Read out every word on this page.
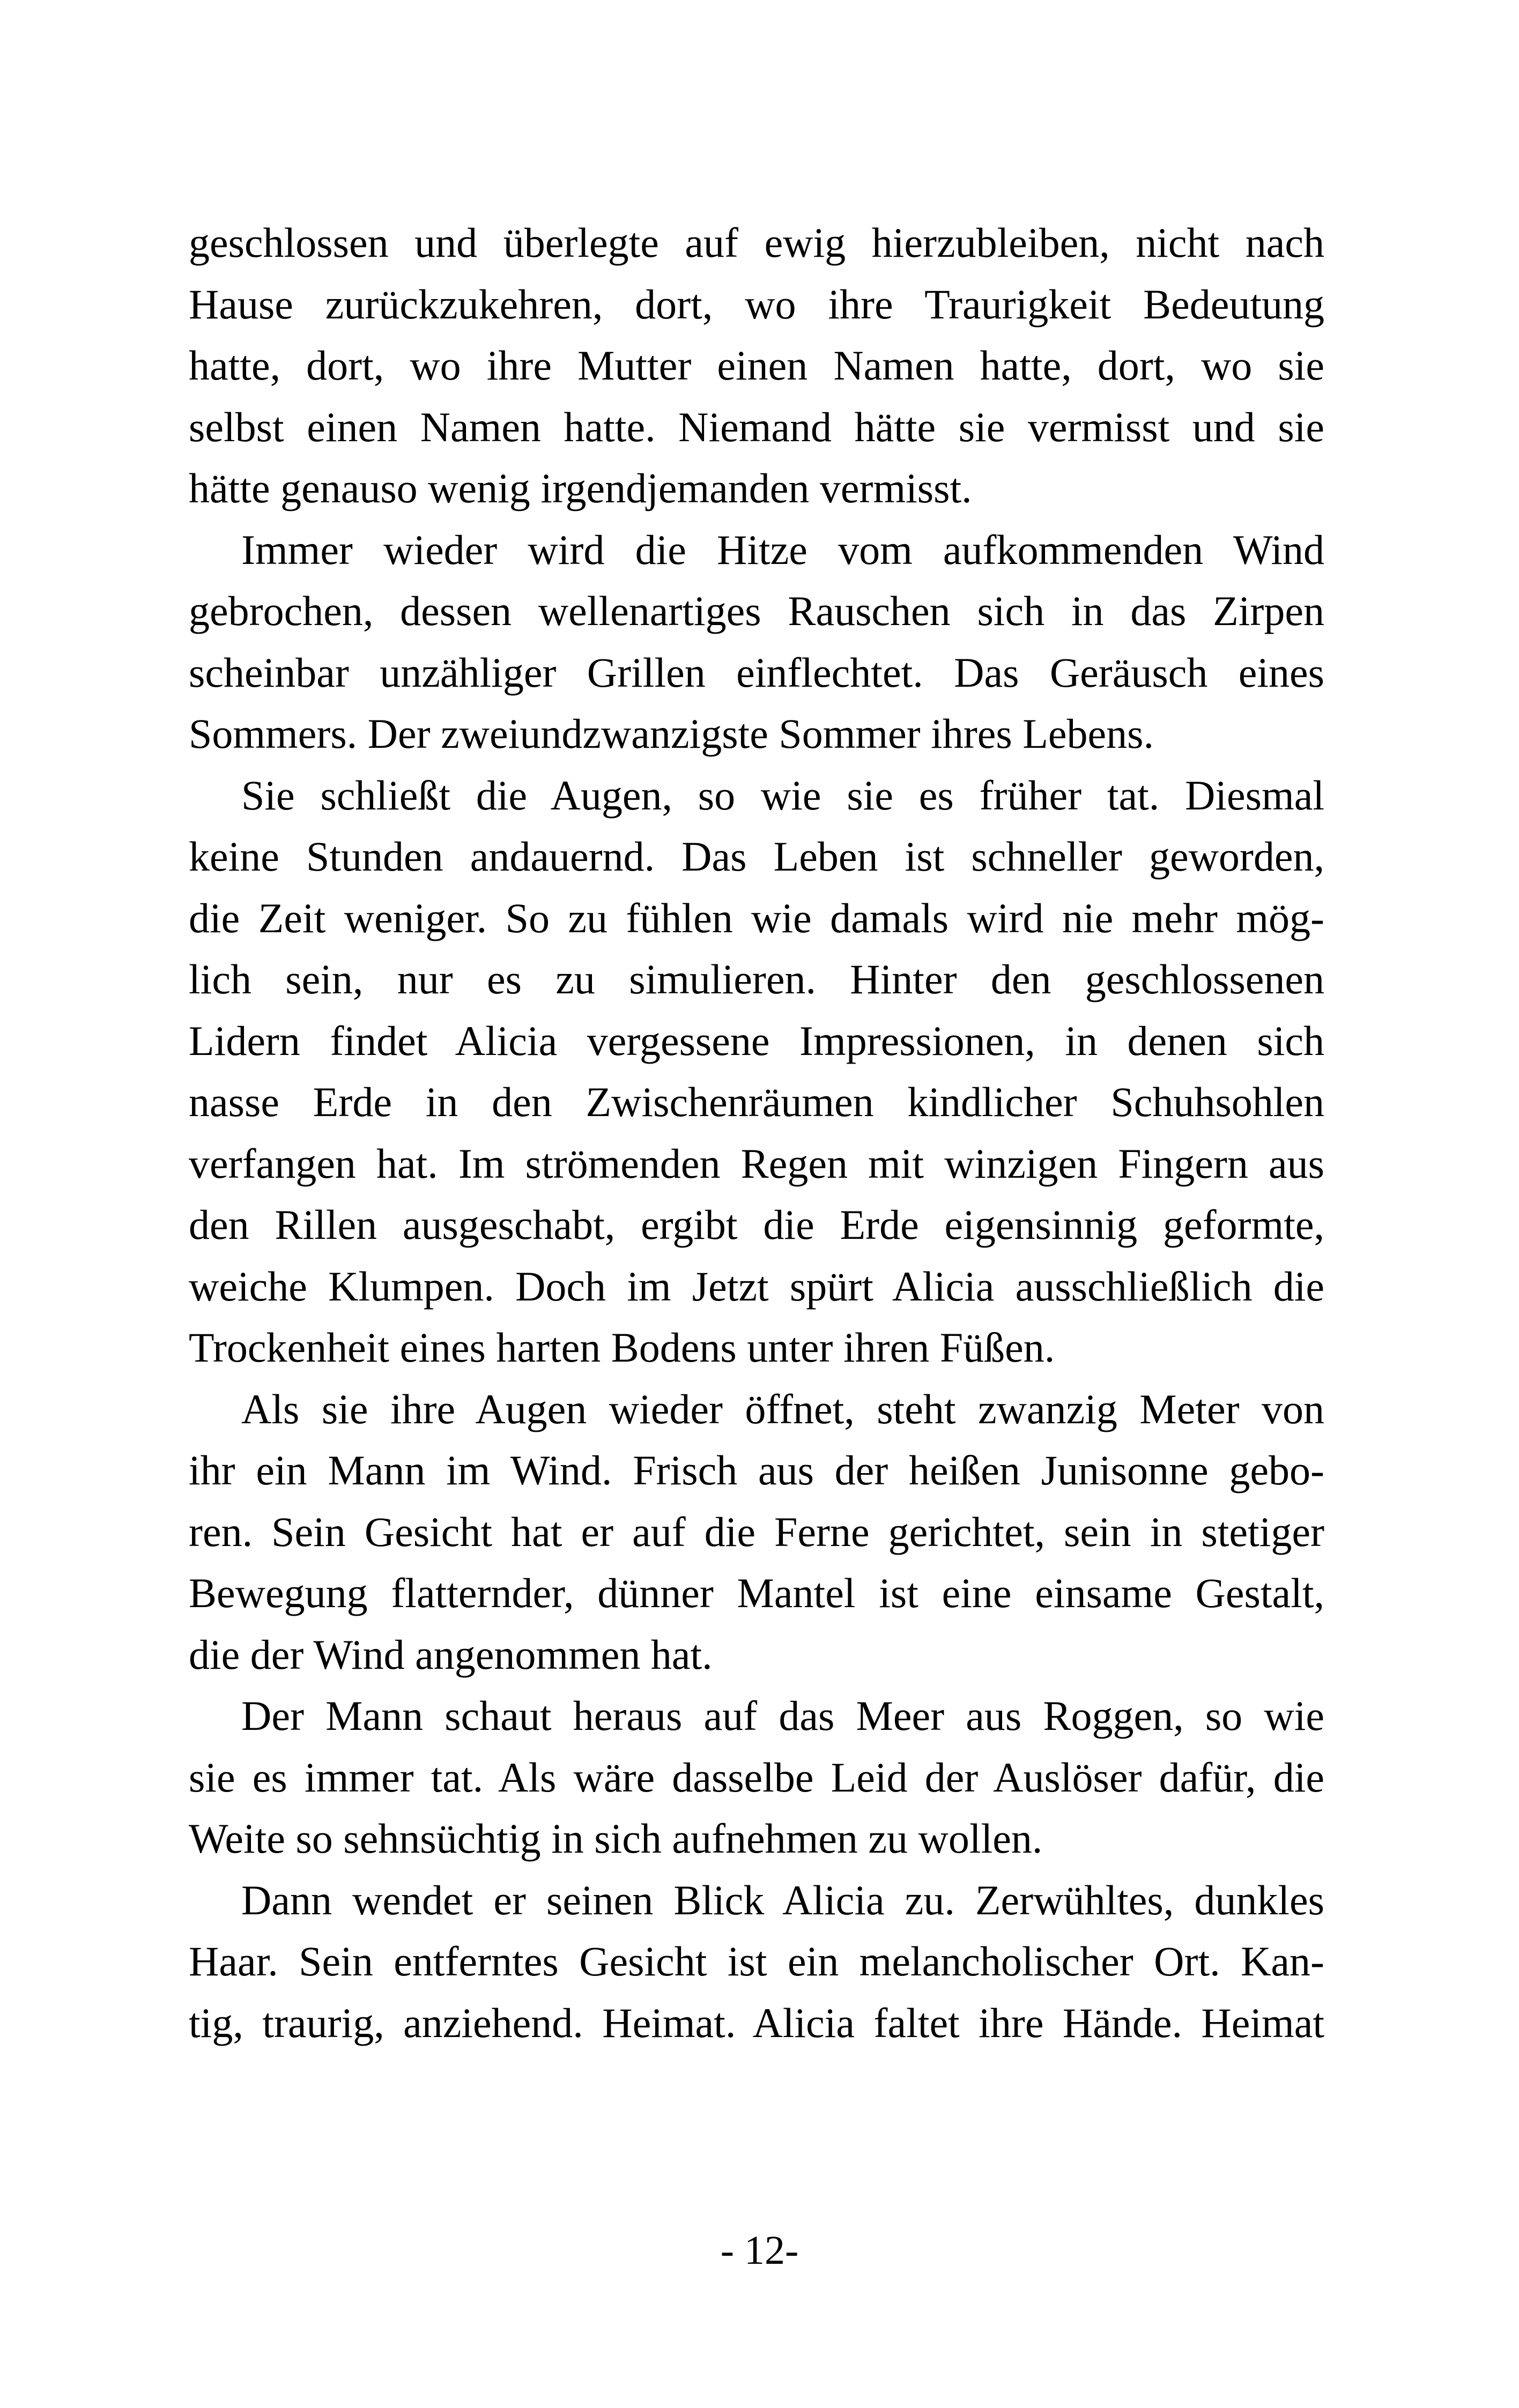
geschlossen und überlegte auf ewig hierzubleiben, nicht nach
Hause zurückzukehren, dort, wo ihre Traurigkeit Bedeutung
hatte, dort, wo ihre Mutter einen Namen hatte, dort, wo sie
selbst einen Namen hatte. Niemand hätte sie vermisst und sie
hätte genauso wenig irgendjemanden vermisst.
Immer wieder wird die Hitze vom aufkommenden Wind
gebrochen, dessen wellenartiges Rauschen sich in das Zirpen
scheinbar unzähliger Grillen einflechtet. Das Geräusch eines
Sommers. Der zweiundzwanzigste Sommer ihres Lebens.
Sie schließt die Augen, so wie sie es früher tat. Diesmal
keine Stunden andauernd. Das Leben ist schneller geworden,
die Zeit weniger. So zu fühlen wie damals wird nie mehr mög-
lich sein, nur es zu simulieren. Hinter den geschlossenen
Lidern findet Alicia vergessene Impressionen, in denen sich
nasse Erde in den Zwischenräumen kindlicher Schuhsohlen
verfangen hat. Im strömenden Regen mit winzigen Fingern aus
den Rillen ausgeschabt, ergibt die Erde eigensinnig geformte,
weiche Klumpen. Doch im Jetzt spürt Alicia ausschließlich die
Trockenheit eines harten Bodens unter ihren Füßen.
Als sie ihre Augen wieder öffnet, steht zwanzig Meter von
ihr ein Mann im Wind. Frisch aus der heißen Junisonne gebo-
ren. Sein Gesicht hat er auf die Ferne gerichtet, sein in stetiger
Bewegung flatternder, dünner Mantel ist eine einsame Gestalt,
die der Wind angenommen hat.
Der Mann schaut heraus auf das Meer aus Roggen, so wie
sie es immer tat. Als wäre dasselbe Leid der Auslöser dafür, die
Weite so sehnsüchtig in sich aufnehmen zu wollen.
Dann wendet er seinen Blick Alicia zu. Zerwühltes, dunkles
Haar. Sein entferntes Gesicht ist ein melancholischer Ort. Kan-
tig, traurig, anziehend. Heimat. Alicia faltet ihre Hände. Heimat
- 12-
